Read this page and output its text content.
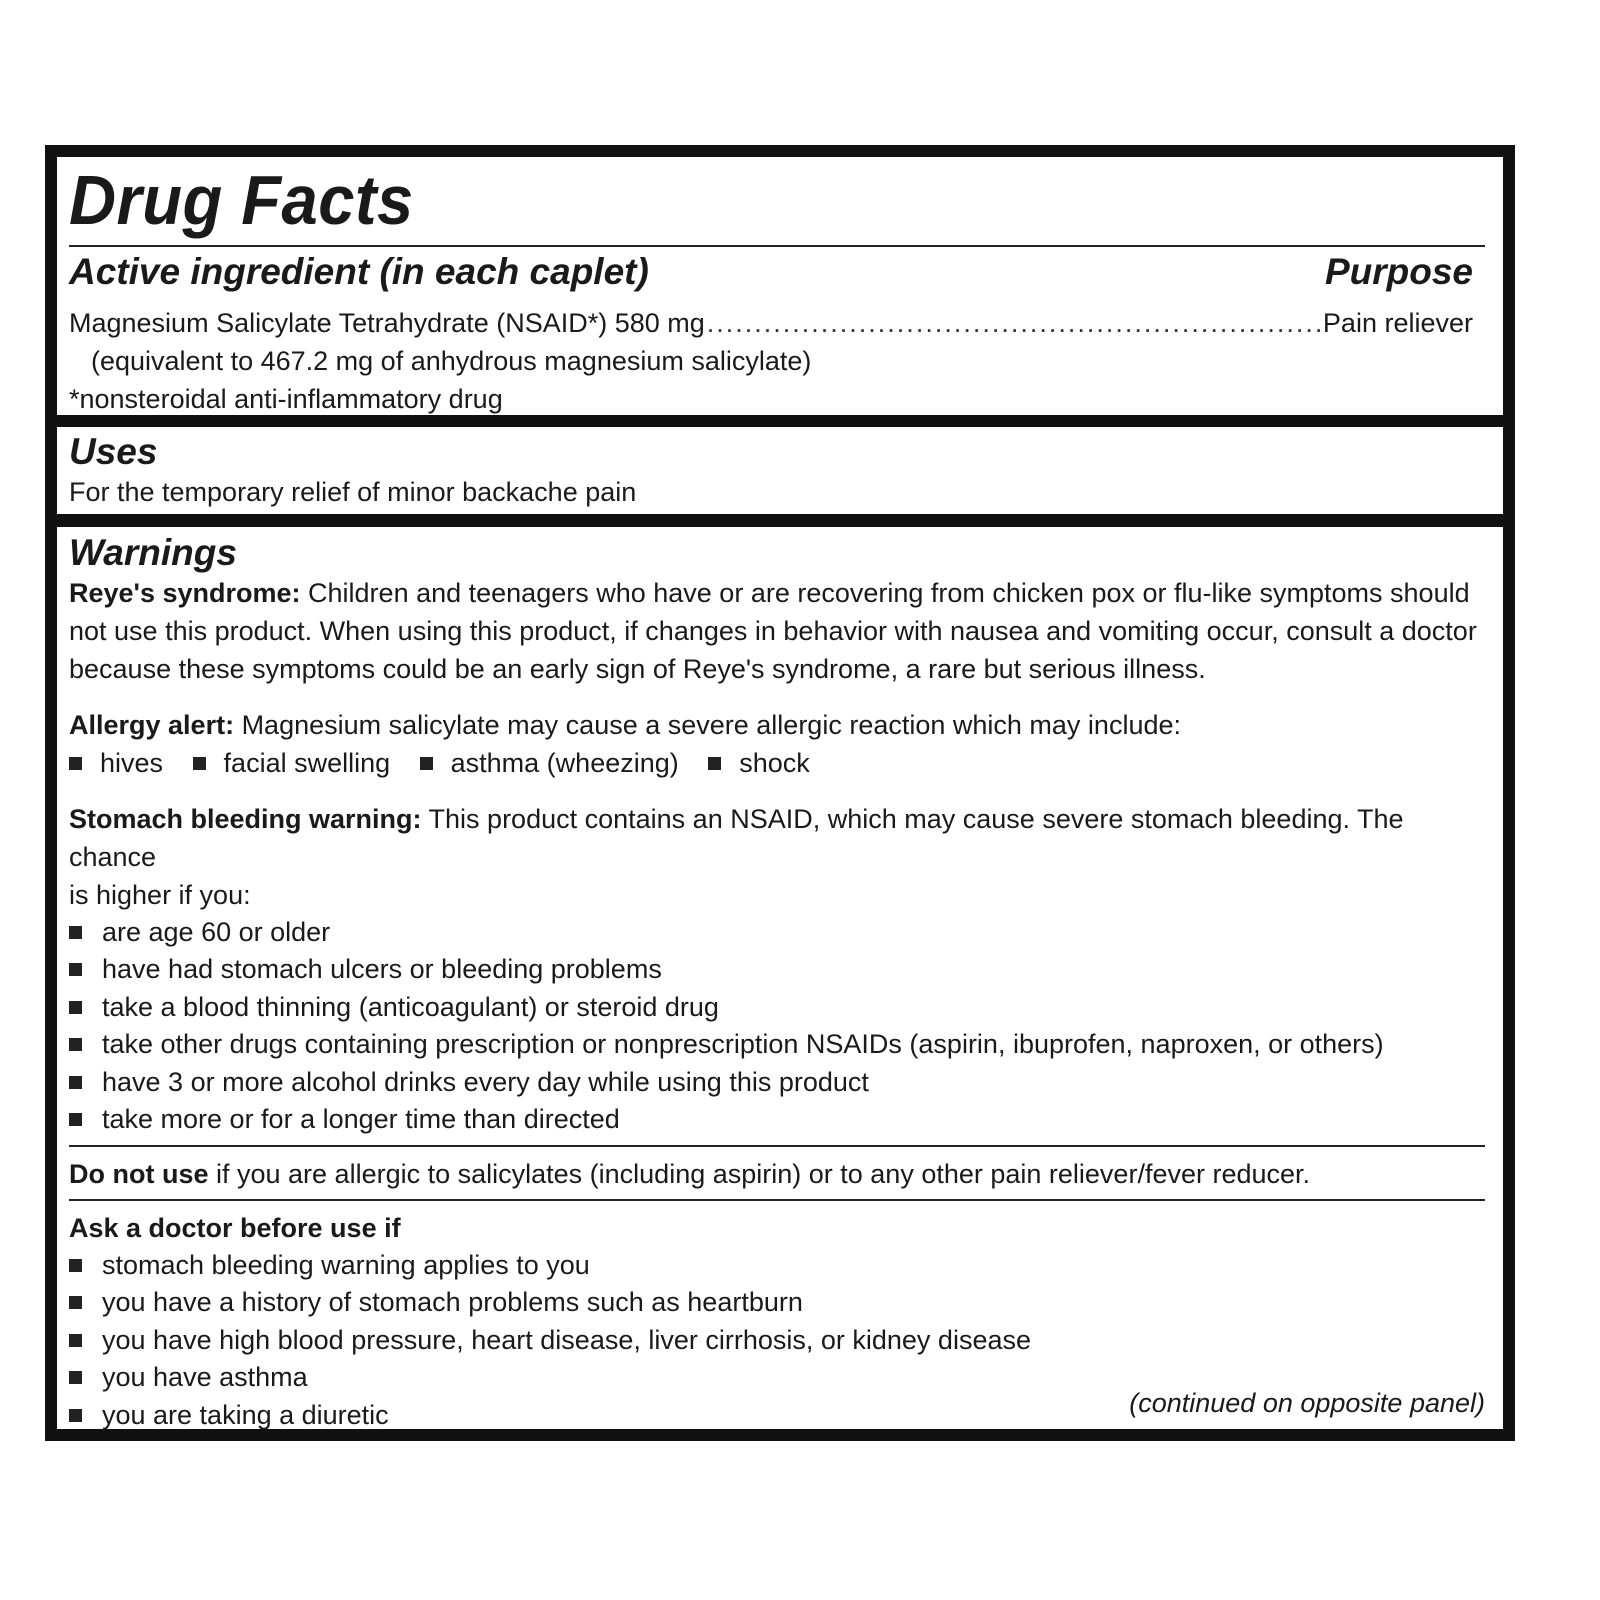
Drug Facts
Active ingredient (in each caplet)	Purpose
Magnesium Salicylate Tetrahydrate (NSAID*) 580 mg
.....	Pain reliever
(equivalent to 467.2 mg of anhydrous magnesium salicylate)
*nonsteroidal anti-inflammatory drug
Uses
For the temporary relief of minor backache pain
Warnings

Reye's syndrome: Children and teenagers who have or are recovering from chicken pox or flu-like symptoms should
not use this product. When using this product, if changes in behavior with nausea and vomiting occur, consult a doctor
because these symptoms could be an early sign of Reye's syndrome, a rare but serious illness.

Allergy alert: Magnesium salicylate may cause a severe allergic reaction which may include:

hives facial swelling asthma (wheezing) shock

Stomach bleeding warning: This product contains an NSAID, which may cause severe stomach bleeding. The chance
is higher if you:

are age 60 or older
have had stomach ulcers or bleeding problems
take a blood thinning (anticoagulant) or steroid drug
take other drugs containing prescription or nonprescription NSAIDs (aspirin, ibuprofen, naproxen, or others)
have 3 or more alcohol drinks every day while using this product
take more or for a longer time than directed

Do not use if you are allergic to salicylates (including aspirin) or to any other pain reliever/fever reducer.

Ask a doctor before use if

stomach bleeding warning applies to you
you have a history of stomach problems such as heartburn
you have high blood pressure, heart disease, liver cirrhosis, or kidney disease
you have asthma
you are taking a diuretic	(continued on opposite panel)
